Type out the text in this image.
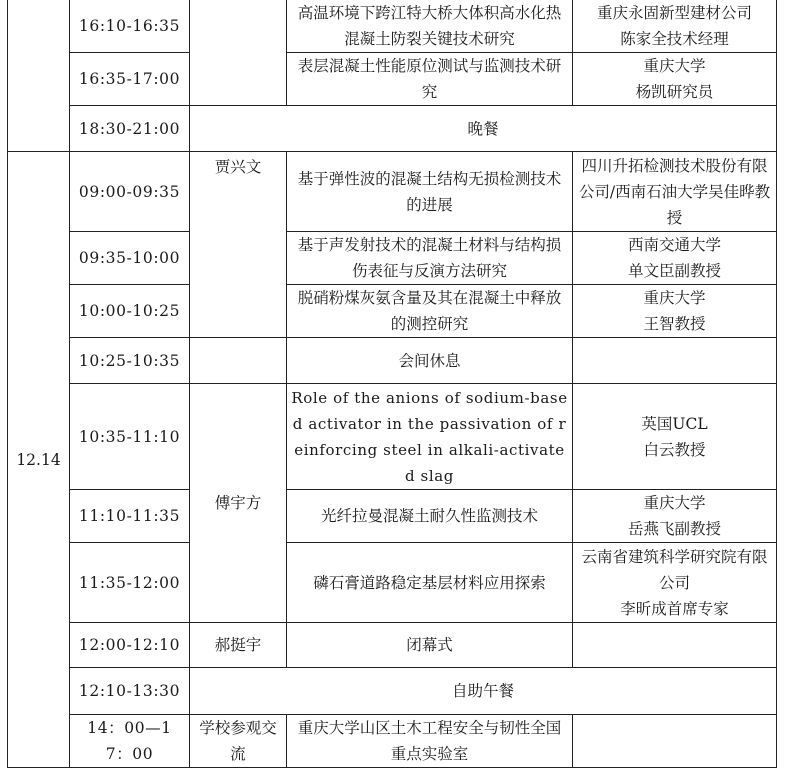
	16:10-16:35		高温环境下跨江特大桥大体积高水化热混凝土防裂关键技术研究	重庆永固新型建材公司
陈家全技术经理
	16:35-17:00		表层混凝土性能原位测试与监测技术研究	重庆大学
杨凯研究员
	18:30-21:00	晚餐		
12.14	09:00-09:35	贾兴文	基于弹性波的混凝土结构无损检测技术的进展	四川升拓检测技术股份有限公司/西南石油大学吴佳晔教授
	09:35-10:00		基于声发射技术的混凝土材料与结构损伤表征与反演方法研究	西南交通大学
单文臣副教授
	10:00-10:25		脱硝粉煤灰氨含量及其在混凝土中释放的测控研究	重庆大学
王智教授
	10:25-10:35		会间休息	
	10:35-11:10	傅宇方	Role of the anions of sodium-based activator in the passivation of reinforcing steel in alkali-activated slag	英国UCL
白云教授
	11:10-11:35		光纤拉曼混凝土耐久性监测技术	重庆大学
岳燕飞副教授
	11:35-12:00		磷石膏道路稳定基层材料应用探索	云南省建筑科学研究院有限公司
李昕成首席专家
	12:00-12:10	郝挺宇	闭幕式	
	12:10-13:30	自助午餐		
	14：00—17：00	学校参观交流	重庆大学山区土木工程安全与韧性全国重点实验室	
